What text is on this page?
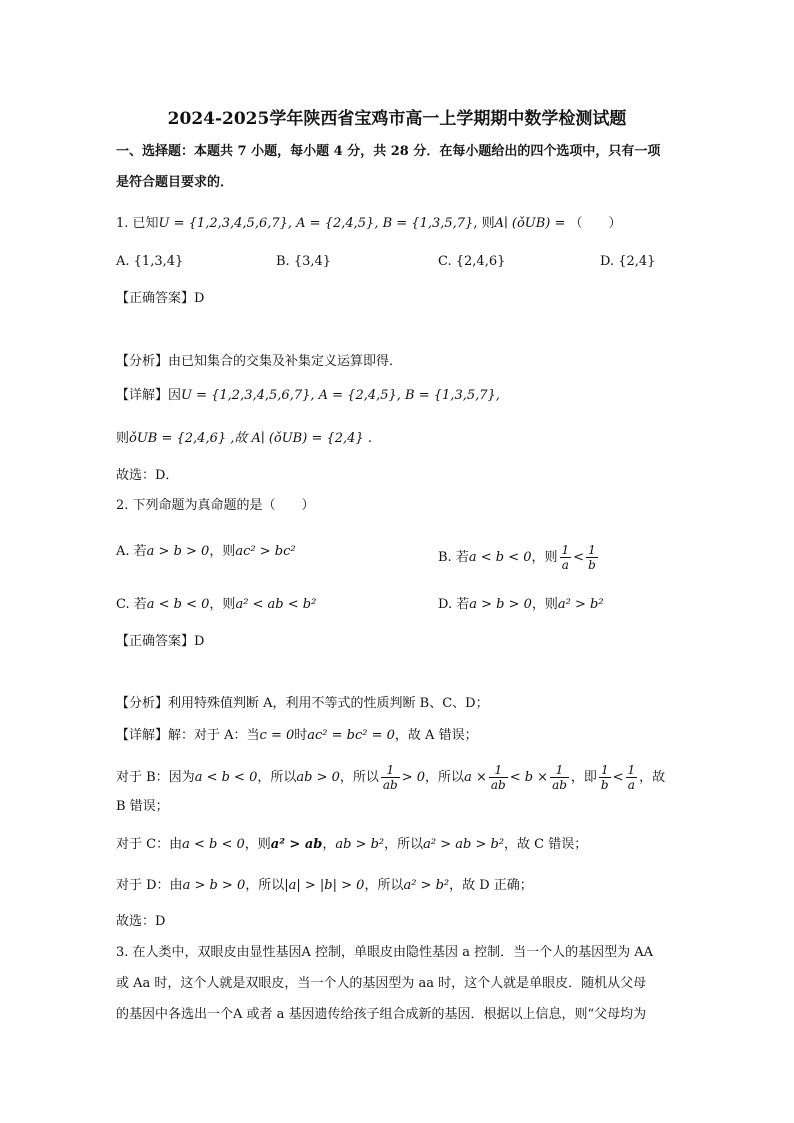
2024-2025学年陕西省宝鸡市高一上学期期中数学检测试题
一、选择题：本题共 7 小题，每小题 4 分，共 28 分．在每小题给出的四个选项中，只有一项
是符合题目要求的．
1. 已知U = {1,2,3,4,5,6,7}, A = {2,4,5}, B = {1,3,5,7}, 则A∣ (ǒUB) = （　　）
A. {1,3,4}	B. {3,4}	C. {2,4,6}	D. {2,4}
【正确答案】D
【分析】由已知集合的交集及补集定义运算即得．
【详解】因U = {1,2,3,4,5,6,7}, A = {2,4,5}, B = {1,3,5,7},
则ǒUB = {2,4,6} ,故 A∣ (ǒUB) = {2,4} .
故选：D．
2. 下列命题为真命题的是（　　）
A. 若a > b > 0，则ac² > bc²	B. 若a < b < 0，则 $\frac{1}{a} < \frac{1}{b}$
C. 若a < b < 0，则a² < ab < b²	D. 若a > b > 0，则a² > b²
【正确答案】D
【分析】利用特殊值判断 A，利用不等式的性质判断 B、C、D；
【详解】解：对于 A：当c = 0时ac² = bc² = 0，故 A 错误；
对于 B：因为a < b < 0，所以ab > 0，所以 $\frac{1}{ab} > 0$，所以$a \times \frac{1}{ab} < b \times \frac{1}{ab}$ ，即 $\frac{1}{b} < \frac{1}{a}$ ，故
B 错误；
对于 C：由a < b < 0，则a² > ab，ab > b²，所以a² > ab > b²，故 C 错误；
对于 D：由a > b > 0，所以|a| > |b| > 0，所以a² > b²，故 D 正确；
故选：D
3. 在人类中，双眼皮由显性基因A 控制，单眼皮由隐性基因 a 控制．当一个人的基因型为 AA
或 Aa 时，这个人就是双眼皮，当一个人的基因型为 aa 时，这个人就是单眼皮．随机从父母
的基因中各选出一个A 或者 a 基因遗传给孩子组合成新的基因．根据以上信息，则“父母均为
